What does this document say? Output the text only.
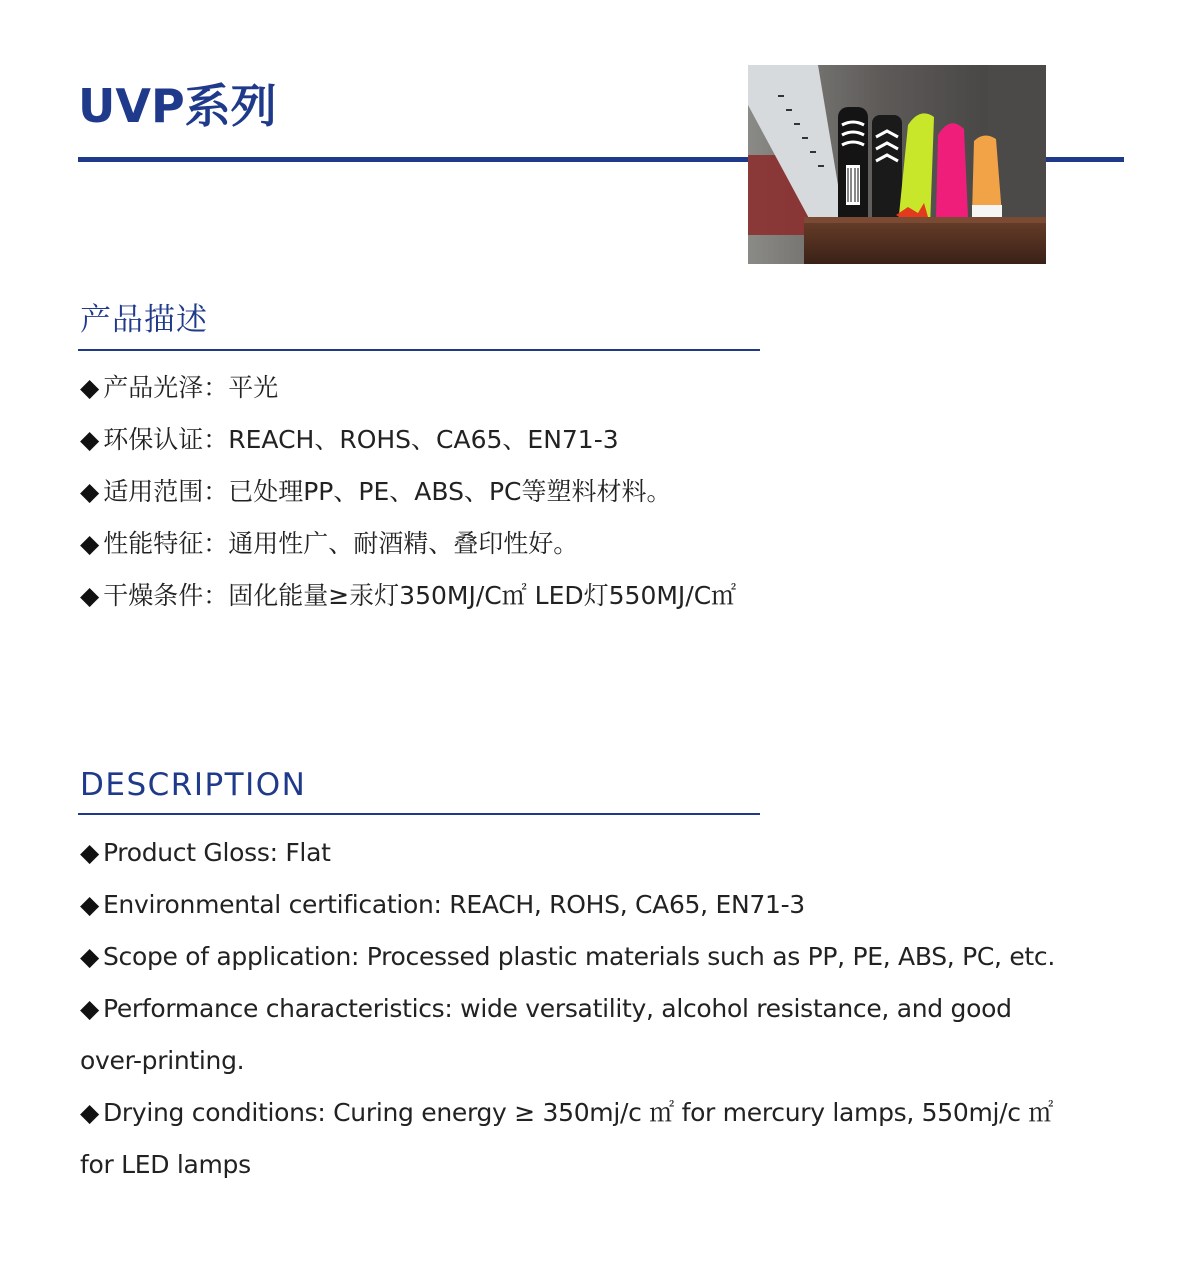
UVP系列
产品描述
◆ 产品光泽：平光
◆ 环保认证：REACH、ROHS、CA65、EN71-3
◆ 适用范围：已处理PP、PE、ABS、PC等塑料材料。
◆ 性能特征：通用性广、耐酒精、叠印性好。
◆ 干燥条件：固化能量≥汞灯350MJ/C㎡ LED灯550MJ/C㎡
DESCRIPTION
◆ Product Gloss: Flat
◆ Environmental certification: REACH, ROHS, CA65, EN71-3
◆ Scope of application: Processed plastic materials such as PP, PE, ABS, PC, etc.
◆ Performance characteristics: wide versatility, alcohol resistance, and good over-printing.
◆ Drying conditions: Curing energy ≥ 350mj/c ㎡ for mercury lamps, 550mj/c ㎡ for LED lamps
